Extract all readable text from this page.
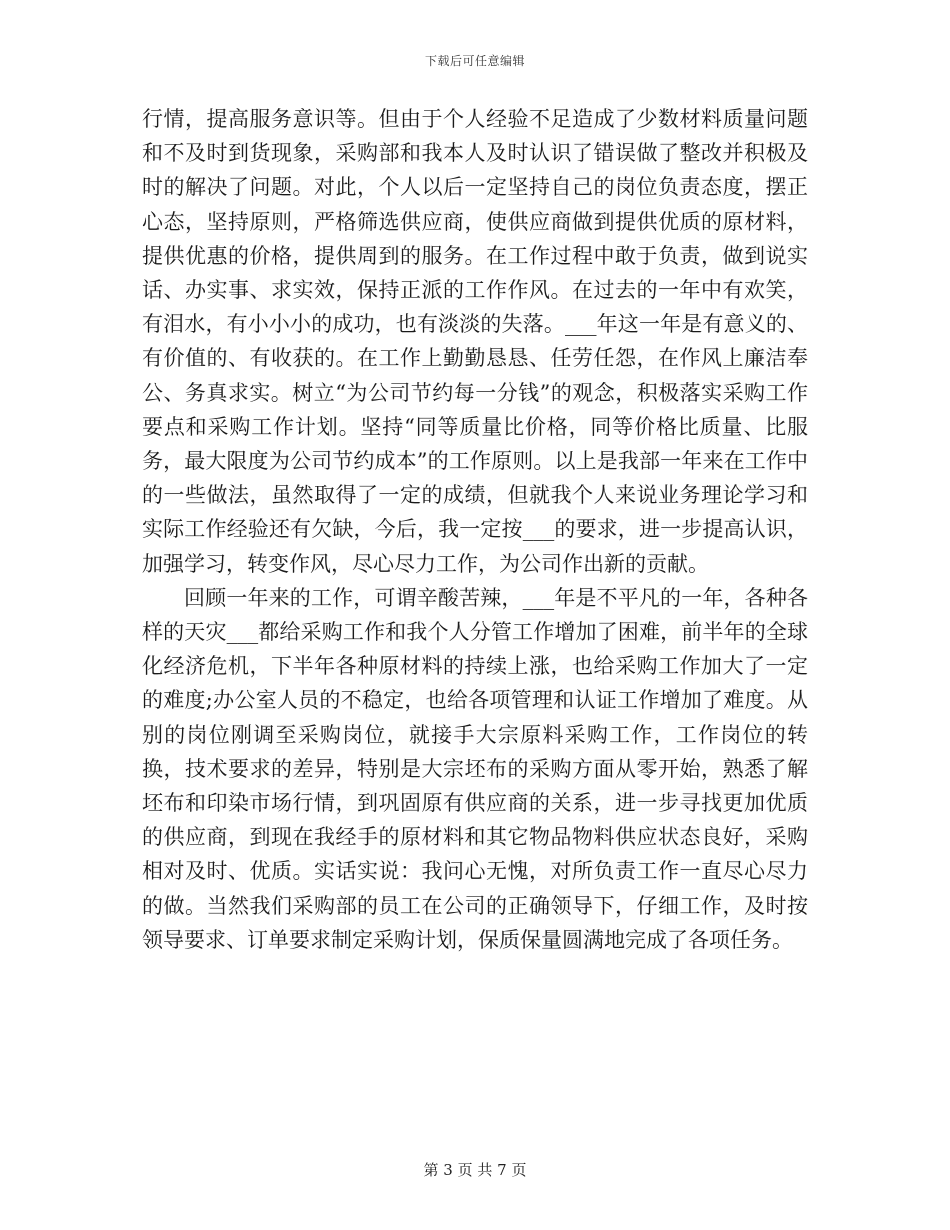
下载后可任意编辑

行情，提高服务意识等。但由于个人经验不足造成了少数材料质量问题和不及时到货现象，采购部和我本人及时认识了错误做了整改并积极及时的解决了问题。对此，个人以后一定坚持自己的岗位负责态度，摆正心态，坚持原则，严格筛选供应商，使供应商做到提供优质的原材料，提供优惠的价格，提供周到的服务。在工作过程中敢于负责，做到说实话、办实事、求实效，保持正派的工作作风。在过去的一年中有欢笑，有泪水，有小小小的成功，也有淡淡的失落。___年这一年是有意义的、有价值的、有收获的。在工作上勤勤恳恳、任劳任怨，在作风上廉洁奉公、务真求实。树立“为公司节约每一分钱”的观念，积极落实采购工作要点和采购工作计划。坚持“同等质量比价格，同等价格比质量、比服务，最大限度为公司节约成本”的工作原则。以上是我部一年来在工作中的一些做法，虽然取得了一定的成绩，但就我个人来说业务理论学习和实际工作经验还有欠缺，今后，我一定按___的要求，进一步提高认识，加强学习，转变作风，尽心尽力工作，为公司作出新的贡献。

回顾一年来的工作，可谓辛酸苦辣，___年是不平凡的一年，各种各样的天灾___都给采购工作和我个人分管工作增加了困难，前半年的全球化经济危机，下半年各种原材料的持续上涨，也给采购工作加大了一定的难度;办公室人员的不稳定，也给各项管理和认证工作增加了难度。从别的岗位刚调至采购岗位，就接手大宗原料采购工作，工作岗位的转换，技术要求的差异，特别是大宗坯布的采购方面从零开始，熟悉了解坯布和印染市场行情，到巩固原有供应商的关系，进一步寻找更加优质的供应商，到现在我经手的原材料和其它物品物料供应状态良好，采购相对及时、优质。实话实说：我问心无愧，对所负责工作一直尽心尽力的做。当然我们采购部的员工在公司的正确领导下，仔细工作，及时按领导要求、订单要求制定采购计划，保质保量圆满地完成了各项任务。

第 3 页 共 7 页
